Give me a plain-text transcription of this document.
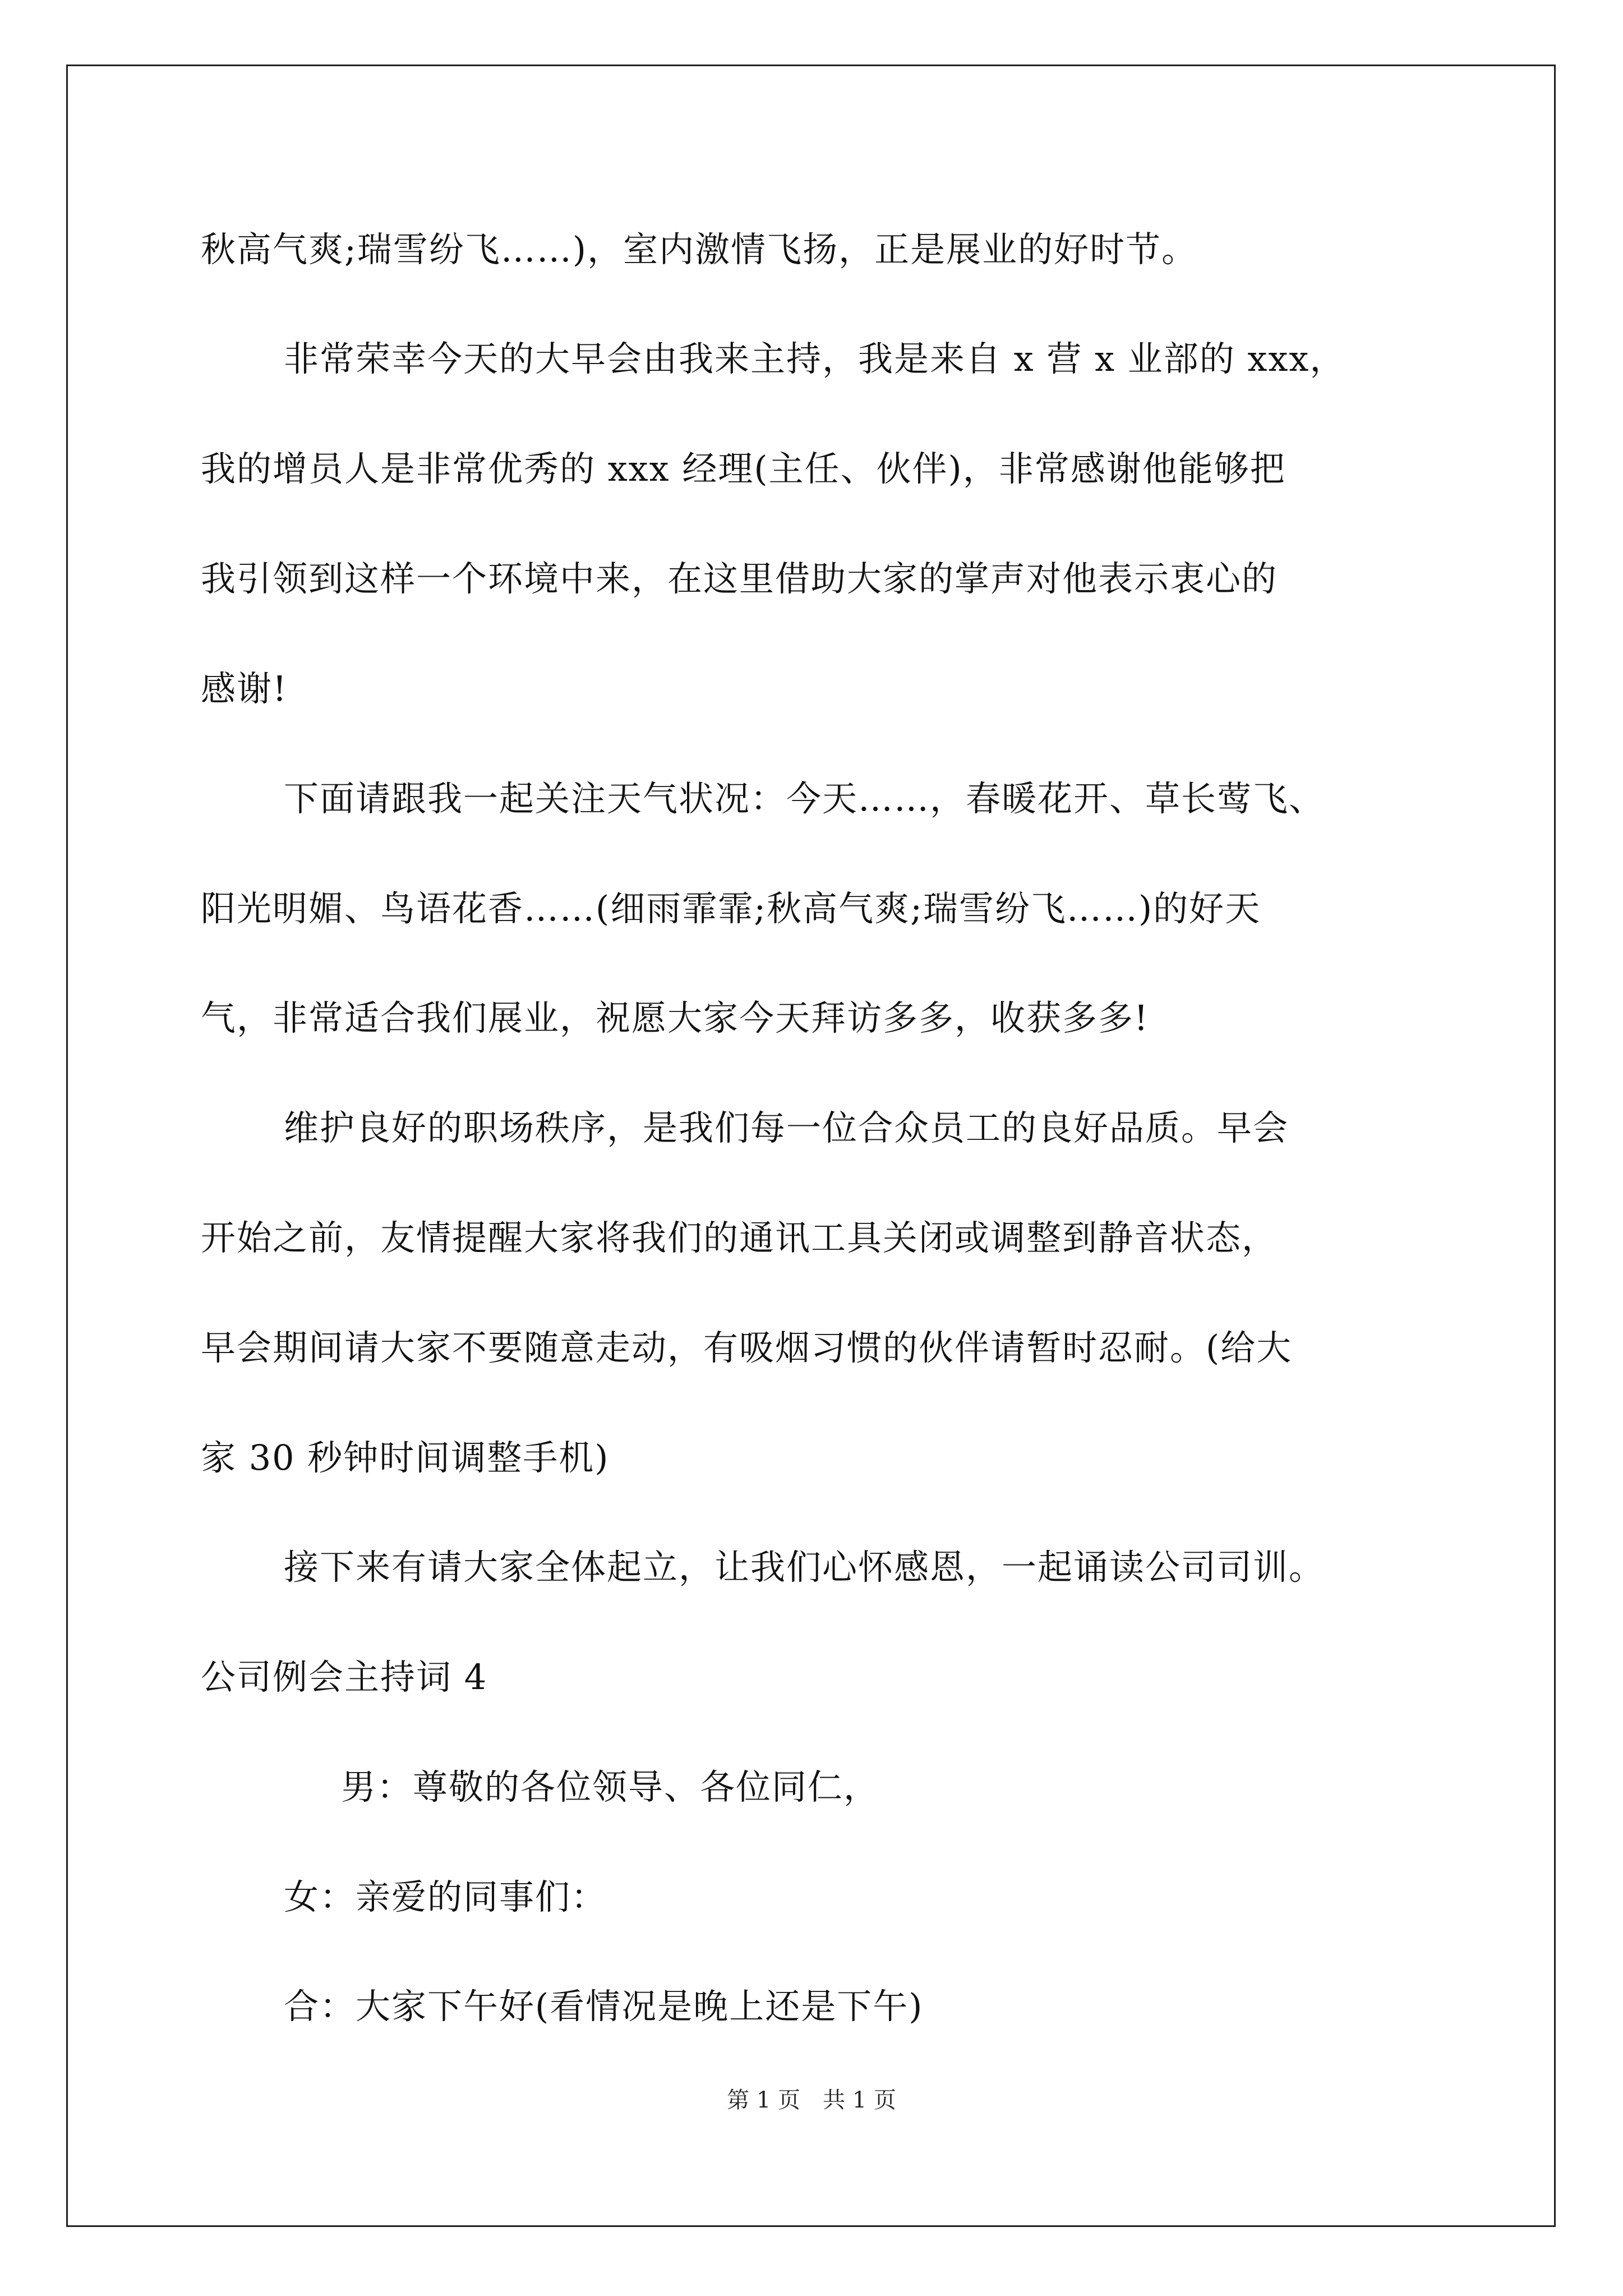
秋高气爽;瑞雪纷飞……)，室内激情飞扬，正是展业的好时节。

非常荣幸今天的大早会由我来主持，我是来自 x 营 x 业部的 xxx，

我的增员人是非常优秀的 xxx 经理(主任、伙伴)，非常感谢他能够把

我引领到这样一个环境中来，在这里借助大家的掌声对他表示衷心的

感谢!

下面请跟我一起关注天气状况：今天……，春暖花开、草长莺飞、

阳光明媚、鸟语花香……(细雨霏霏;秋高气爽;瑞雪纷飞……)的好天

气，非常适合我们展业，祝愿大家今天拜访多多，收获多多!

维护良好的职场秩序，是我们每一位合众员工的良好品质。早会

开始之前，友情提醒大家将我们的通讯工具关闭或调整到静音状态，

早会期间请大家不要随意走动，有吸烟习惯的伙伴请暂时忍耐。(给大

家 30 秒钟时间调整手机)

接下来有请大家全体起立，让我们心怀感恩，一起诵读公司司训。

公司例会主持词 4

男：尊敬的各位领导、各位同仁，

女：亲爱的同事们：

合：大家下午好(看情况是晚上还是下午)

第 1 页　共 1 页
